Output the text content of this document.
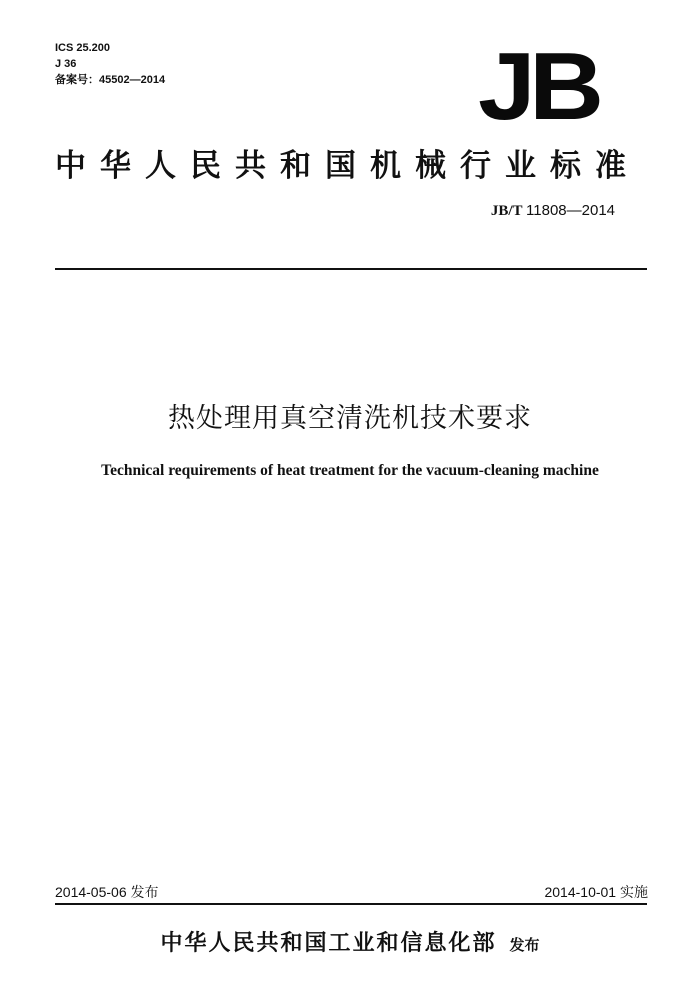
ICS 25.200
J 36
备案号：45502—2014	JB
中华人民共和国机械行业标准
JB/T 11808—2014
热处理用真空清洗机技术要求
Technical requirements of heat treatment for the vacuum-cleaning machine
2014-05-06 发布	2014-10-01 实施
中华人民共和国工业和信息化部 发布
